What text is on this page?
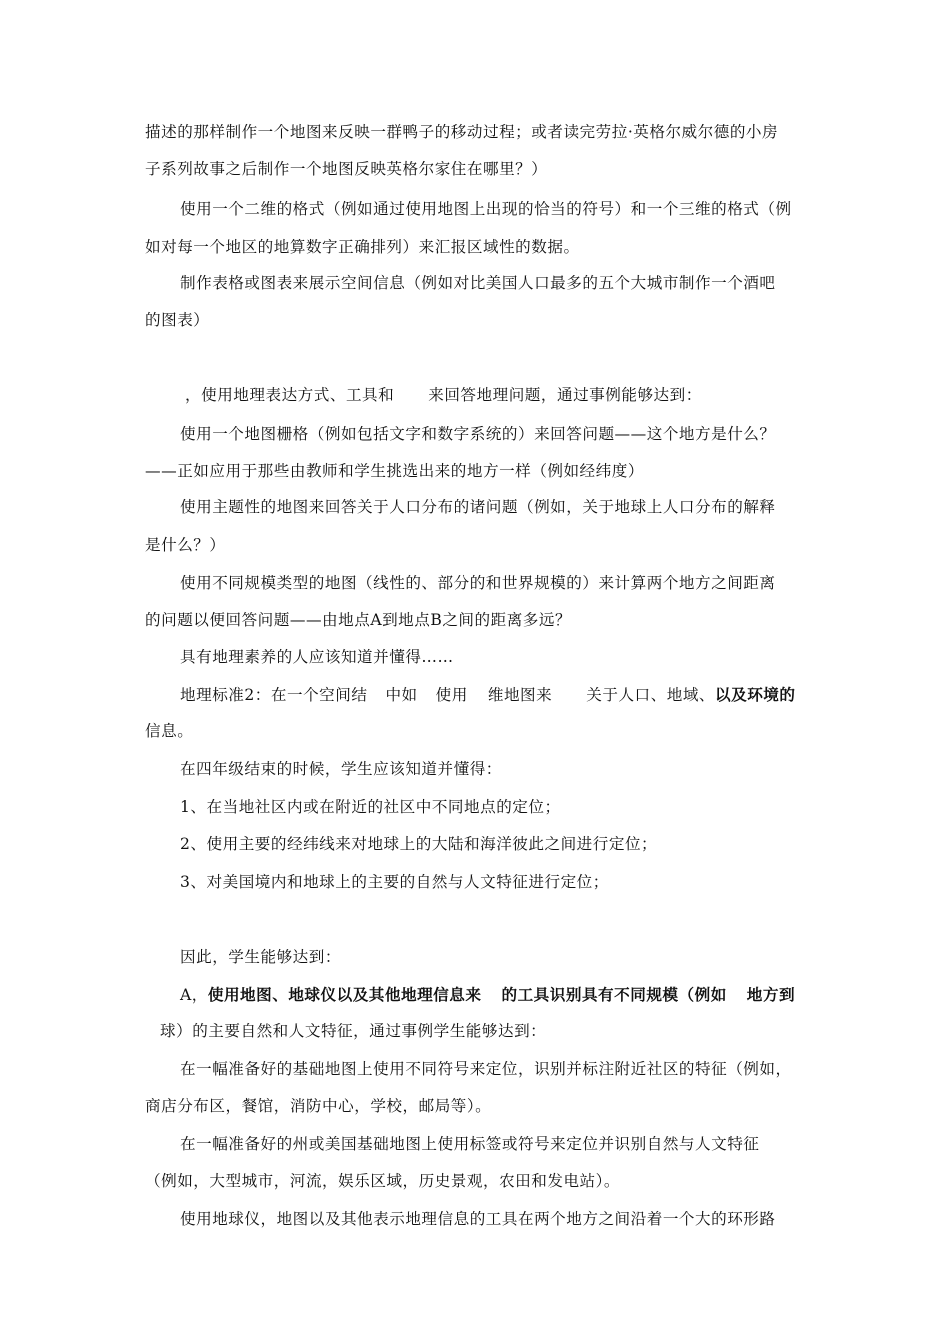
描述的那样制作一个地图来反映一群鸭子的移动过程；或者读完劳拉·英格尔威尔德的小房

子系列故事之后制作一个地图反映英格尔家住在哪里？）

使用一个二维的格式（例如通过使用地图上出现的恰当的符号）和一个三维的格式（例

如对每一个地区的地算数字正确排列）来汇报区域性的数据。

制作表格或图表来展示空间信息（例如对比美国人口最多的五个大城市制作一个酒吧

的图表）

，使用地理表达方式、工具和 来回答地理问题，通过事例能够达到：

使用一个地图栅格（例如包括文字和数字系统的）来回答问题——这个地方是什么？

——正如应用于那些由教师和学生挑选出来的地方一样（例如经纬度）

使用主题性的地图来回答关于人口分布的诸问题（例如，关于地球上人口分布的解释

是什么？）

使用不同规模类型的地图（线性的、部分的和世界规模的）来计算两个地方之间距离

的问题以便回答问题——由地点A到地点B之间的距离多远？

具有地理素养的人应该知道并懂得……

地理标准2：在一个空间结 中如 使用 维地图来 关于人口、地域、以及环境的

信息。

在四年级结束的时候，学生应该知道并懂得：

1、在当地社区内或在附近的社区中不同地点的定位；

2、使用主要的经纬线来对地球上的大陆和海洋彼此之间进行定位；

3、对美国境内和地球上的主要的自然与人文特征进行定位；

因此，学生能够达到：

A，使用地图、地球仪以及其他地理信息来 的工具识别具有不同规模（例如 地方到

球）的主要自然和人文特征，通过事例学生能够达到：

在一幅准备好的基础地图上使用不同符号来定位，识别并标注附近社区的特征（例如，

商店分布区，餐馆，消防中心，学校，邮局等）。

在一幅准备好的州或美国基础地图上使用标签或符号来定位并识别自然与人文特征

（例如，大型城市，河流，娱乐区域，历史景观，农田和发电站）。

使用地球仪，地图以及其他表示地理信息的工具在两个地方之间沿着一个大的环形路
